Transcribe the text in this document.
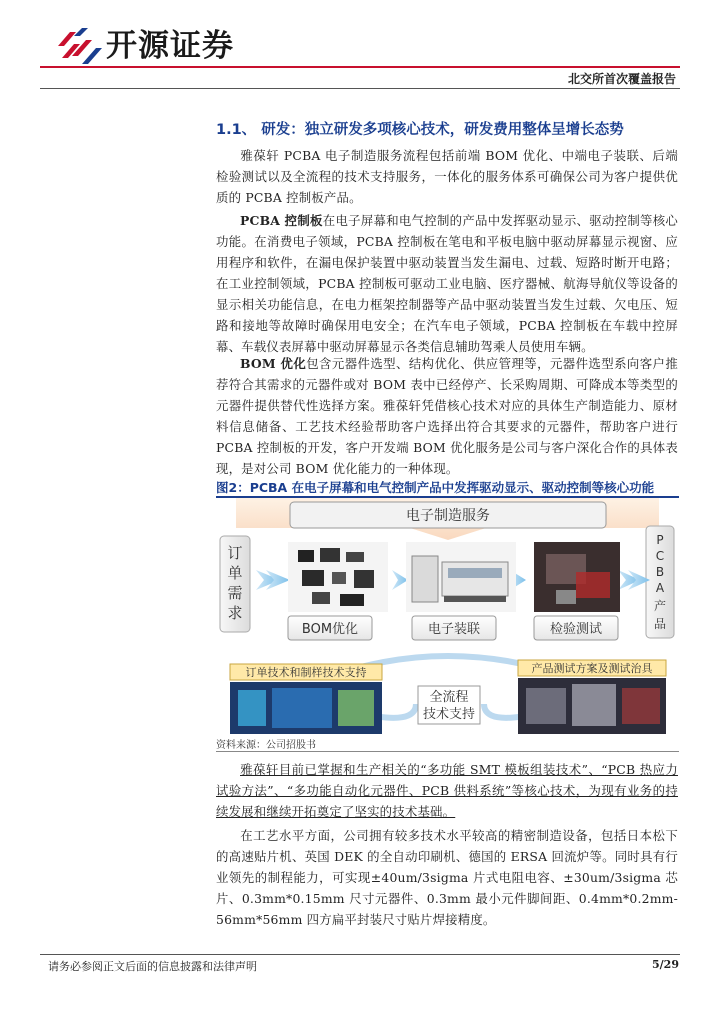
开源证券
北交所首次覆盖报告
1.1、 研发：独立研发多项核心技术，研发费用整体呈增长态势
雅葆轩 PCBA 电子制造服务流程包括前端 BOM 优化、中端电子装联、后端检验测试以及全流程的技术支持服务，一体化的服务体系可确保公司为客户提供优质的 PCBA 控制板产品。
PCBA 控制板在电子屏幕和电气控制的产品中发挥驱动显示、驱动控制等核心功能。在消费电子领域，PCBA 控制板在笔电和平板电脑中驱动屏幕显示视窗、应用程序和软件，在漏电保护装置中驱动装置当发生漏电、过载、短路时断开电路；在工业控制领域，PCBA 控制板可驱动工业电脑、医疗器械、航海导航仪等设备的显示相关功能信息，在电力框架控制器等产品中驱动装置当发生过载、欠电压、短路和接地等故障时确保用电安全；在汽车电子领域，PCBA 控制板在车载中控屏幕、车载仪表屏幕中驱动屏幕显示各类信息辅助驾乘人员使用车辆。
BOM 优化包含元器件选型、结构优化、供应管理等，元器件选型系向客户推荐符合其需求的元器件或对 BOM 表中已经停产、长采购周期、可降成本等类型的元器件提供替代性选择方案。雅葆轩凭借核心技术对应的具体生产制造能力、原材料信息储备、工艺技术经验帮助客户选择出符合其要求的元器件，帮助客户进行 PCBA 控制板的开发，客户开发端 BOM 优化服务是公司与客户深化合作的具体表现，是对公司 BOM 优化能力的一种体现。
图2：PCBA 在电子屏幕和电气控制产品中发挥驱动显示、驱动控制等核心功能
电子制造服务
订
单
需
求
P
C
B
A
产
品
BOM优化	电子装联	检验测试
订单技术和制样技术支持
全流程
技术支持
产品测试方案及测试治具
资料来源：公司招股书
雅葆轩目前已掌握和生产相关的“多功能 SMT 模板组装技术”、“PCB 热应力试验方法”、“多功能自动化元器件、PCB 供料系统”等核心技术，为现有业务的持续发展和继续开拓奠定了坚实的技术基础。
在工艺水平方面，公司拥有较多技术水平较高的精密制造设备，包括日本松下的高速贴片机、英国 DEK 的全自动印刷机、德国的 ERSA 回流炉等。同时具有行业领先的制程能力，可实现±40um/3sigma 片式电阻电容、±30um/3sigma 芯片、0.3mm*0.15mm 尺寸元器件、0.3mm 最小元件脚间距、0.4mm*0.2mm-56mm*56mm 四方扁平封装尺寸贴片焊接精度。
请务必参阅正文后面的信息披露和法律声明	5/29
